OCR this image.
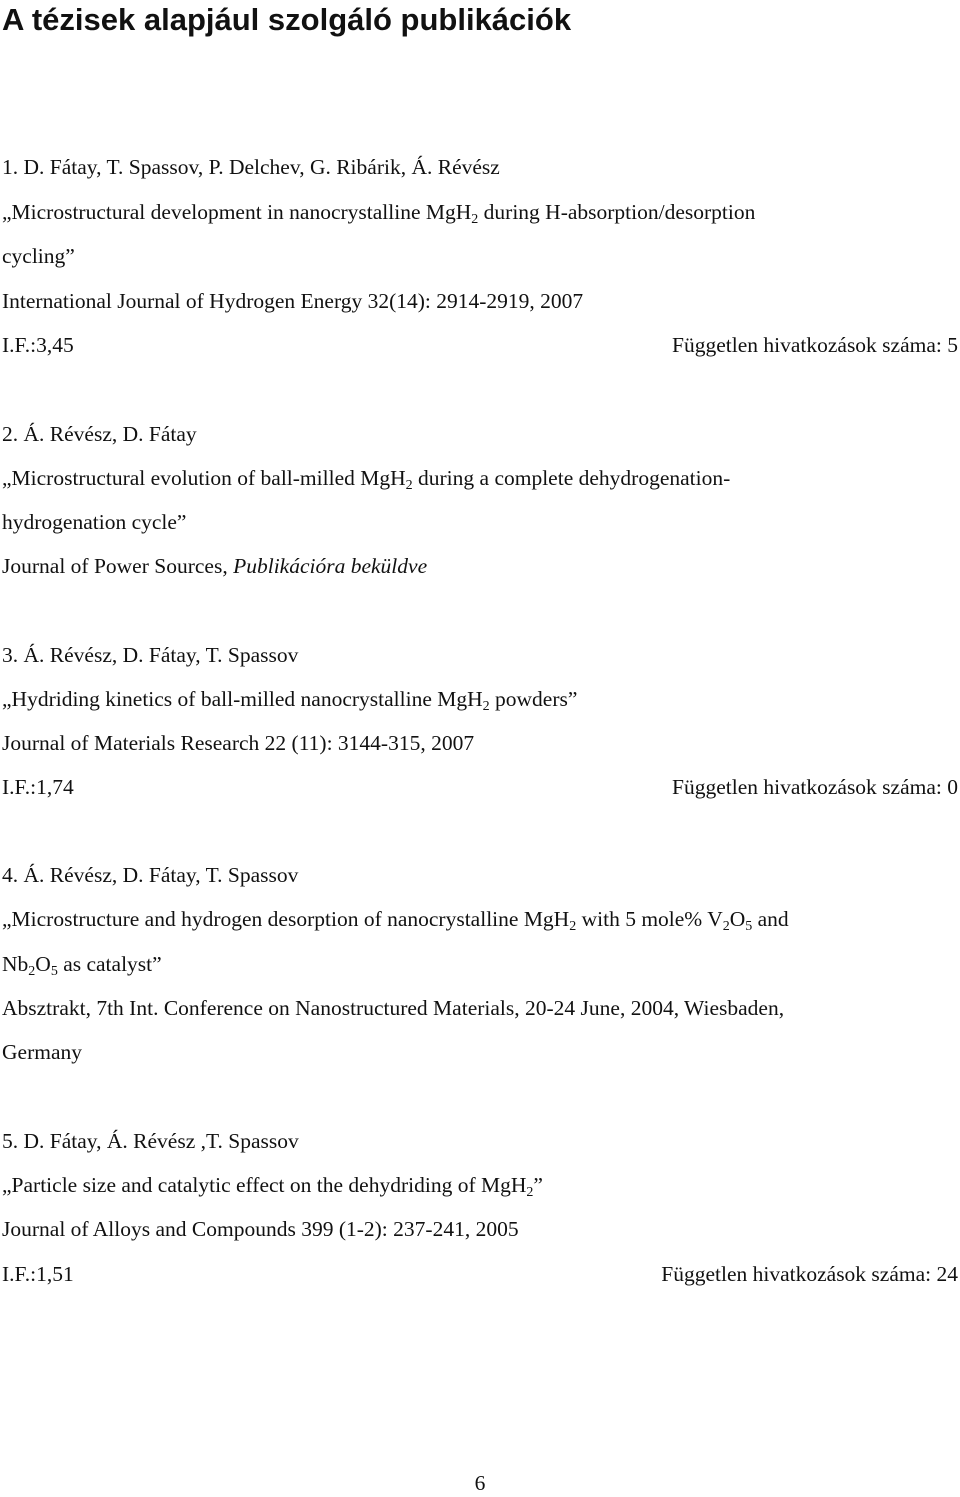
A tézisek alapjául szolgáló publikációk
1. D. Fátay, T. Spassov, P. Delchev, G. Ribárik, Á. Révész
„Microstructural development in nanocrystalline MgH2 during H-absorption/desorption
cycling”
International Journal of Hydrogen Energy 32(14): 2914-2919, 2007
I.F.:3,45	Független hivatkozások száma: 5
2. Á. Révész, D. Fátay
„Microstructural evolution of ball-milled MgH2 during a complete dehydrogenation-
hydrogenation cycle”
Journal of Power Sources, Publikációra beküldve
3. Á. Révész, D. Fátay, T. Spassov
„Hydriding kinetics of ball-milled nanocrystalline MgH2 powders”
Journal of Materials Research 22 (11): 3144-315, 2007
I.F.:1,74	Független hivatkozások száma: 0
4. Á. Révész, D. Fátay, T. Spassov
„Microstructure and hydrogen desorption of nanocrystalline MgH2 with 5 mole% V2O5 and
Nb2O5 as catalyst”
Absztrakt, 7th Int. Conference on Nanostructured Materials, 20-24 June, 2004, Wiesbaden,
Germany
5. D. Fátay, Á. Révész ,T. Spassov
„Particle size and catalytic effect on the dehydriding of MgH2”
Journal of Alloys and Compounds 399 (1-2): 237-241, 2005
I.F.:1,51	Független hivatkozások száma: 24
6
